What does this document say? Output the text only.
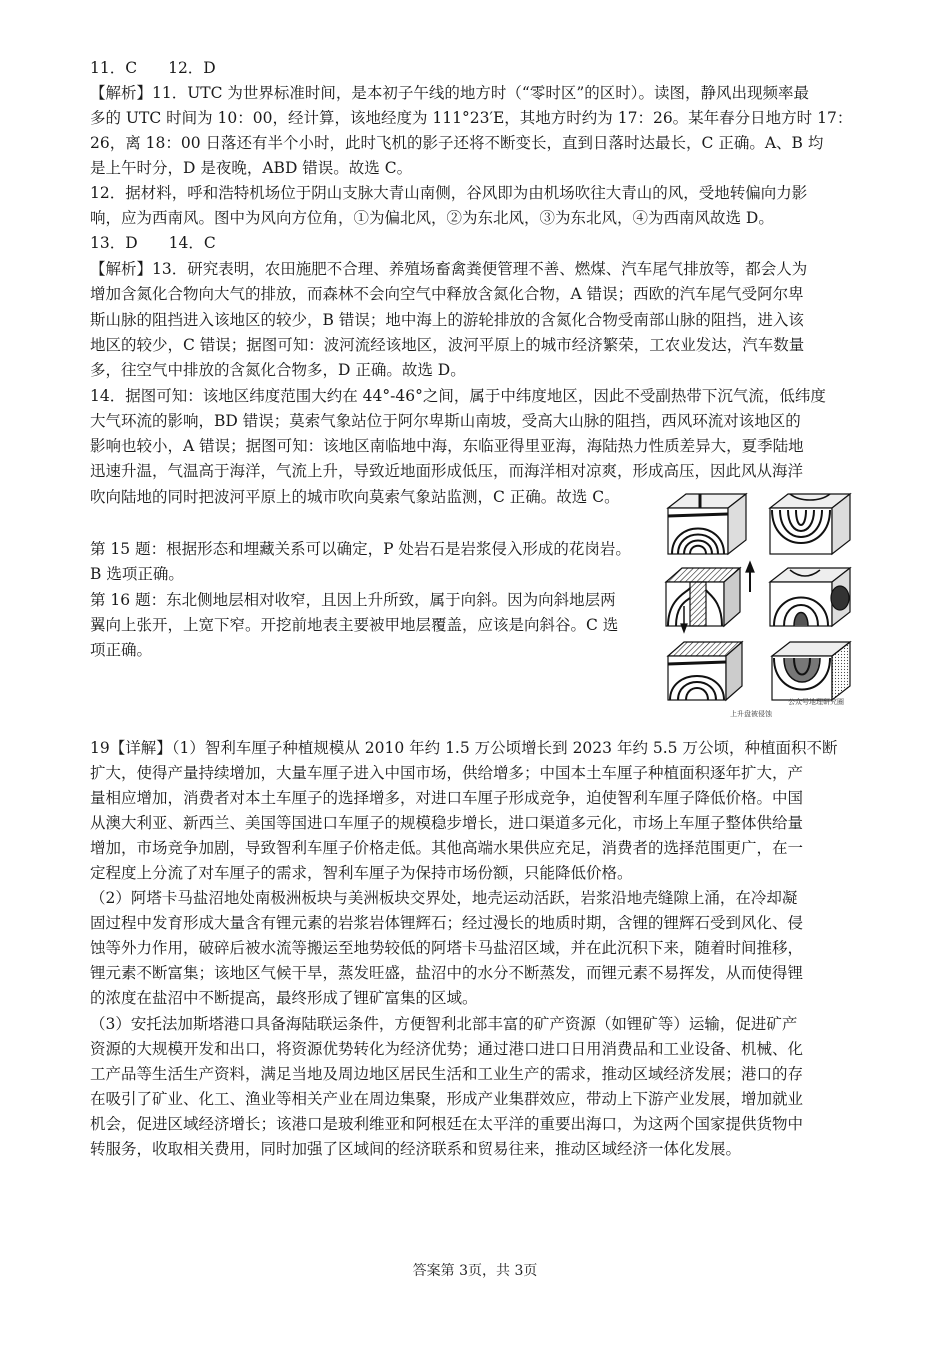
11．C　　12．D
【解析】11．UTC 为世界标准时间，是本初子午线的地方时（“零时区”的区时）。读图，静风出现频率最
多的 UTC 时间为 10：00，经计算，该地经度为 111°23′E，其地方时约为 17：26。某年春分日地方时 17：
26，离 18：00 日落还有半个小时，此时飞机的影子还将不断变长，直到日落时达最长，C 正确。A、B 均
是上午时分，D 是夜晚，ABD 错误。故选 C。
12．据材料，呼和浩特机场位于阴山支脉大青山南侧，谷风即为由机场吹往大青山的风，受地转偏向力影
响，应为西南风。图中为风向方位角，①为偏北风，②为东北风，③为东北风，④为西南风故选 D。
13．D　　14．C
【解析】13．研究表明，农田施肥不合理、养殖场畜禽粪便管理不善、燃煤、汽车尾气排放等，都会人为
增加含氮化合物向大气的排放，而森林不会向空气中释放含氮化合物，A 错误；西欧的汽车尾气受阿尔卑
斯山脉的阻挡进入该地区的较少，B 错误；地中海上的游轮排放的含氮化合物受南部山脉的阻挡，进入该
地区的较少，C 错误；据图可知：波河流经该地区，波河平原上的城市经济繁荣，工农业发达，汽车数量
多，往空气中排放的含氮化合物多，D 正确。故选 D。
14．据图可知：该地区纬度范围大约在 44°-46°之间，属于中纬度地区，因此不受副热带下沉气流，低纬度
大气环流的影响，BD 错误；莫索气象站位于阿尔卑斯山南坡，受高大山脉的阻挡，西风环流对该地区的
影响也较小，A 错误；据图可知：该地区南临地中海，东临亚得里亚海，海陆热力性质差异大，夏季陆地
迅速升温，气温高于海洋，气流上升，导致近地面形成低压，而海洋相对凉爽，形成高压，因此风从海洋
吹向陆地的同时把波河平原上的城市吹向莫索气象站监测，C 正确。故选 C。
第 15 题：根据形态和埋藏关系可以确定，P 处岩石是岩浆侵入形成的花岗岩。
B 选项正确。
第 16 题：东北侧地层相对收窄，且因上升所致，属于向斜。因为向斜地层两
翼向上张开，上宽下窄。开挖前地表主要被甲地层覆盖，应该是向斜谷。C 选
项正确。
上升盘被侵蚀
公众号地理研究圈
19【详解】（1）智利车厘子种植规模从 2010 年约 1.5 万公顷增长到 2023 年约 5.5 万公顷，种植面积不断
扩大，使得产量持续增加，大量车厘子进入中国市场，供给增多；中国本土车厘子种植面积逐年扩大，产
量相应增加，消费者对本土车厘子的选择增多，对进口车厘子形成竞争，迫使智利车厘子降低价格。中国
从澳大利亚、新西兰、美国等国进口车厘子的规模稳步增长，进口渠道多元化，市场上车厘子整体供给量
增加，市场竞争加剧，导致智利车厘子价格走低。其他高端水果供应充足，消费者的选择范围更广，在一
定程度上分流了对车厘子的需求，智利车厘子为保持市场份额，只能降低价格。
（2）阿塔卡马盐沼地处南极洲板块与美洲板块交界处，地壳运动活跃，岩浆沿地壳缝隙上涌，在冷却凝
固过程中发育形成大量含有锂元素的岩浆岩体锂辉石；经过漫长的地质时期，含锂的锂辉石受到风化、侵
蚀等外力作用，破碎后被水流等搬运至地势较低的阿塔卡马盐沼区域，并在此沉积下来，随着时间推移，
锂元素不断富集；该地区气候干旱，蒸发旺盛，盐沼中的水分不断蒸发，而锂元素不易挥发，从而使得锂
的浓度在盐沼中不断提高，最终形成了锂矿富集的区域。
（3）安托法加斯塔港口具备海陆联运条件，方便智利北部丰富的矿产资源（如锂矿等）运输，促进矿产
资源的大规模开发和出口，将资源优势转化为经济优势；通过港口进口日用消费品和工业设备、机械、化
工产品等生活生产资料，满足当地及周边地区居民生活和工业生产的需求，推动区域经济发展；港口的存
在吸引了矿业、化工、渔业等相关产业在周边集聚，形成产业集群效应，带动上下游产业发展，增加就业
机会，促进区域经济增长；该港口是玻利维亚和阿根廷在太平洋的重要出海口，为这两个国家提供货物中
转服务，收取相关费用，同时加强了区域间的经济联系和贸易往来，推动区域经济一体化发展。
答案第 3页，共 3页
